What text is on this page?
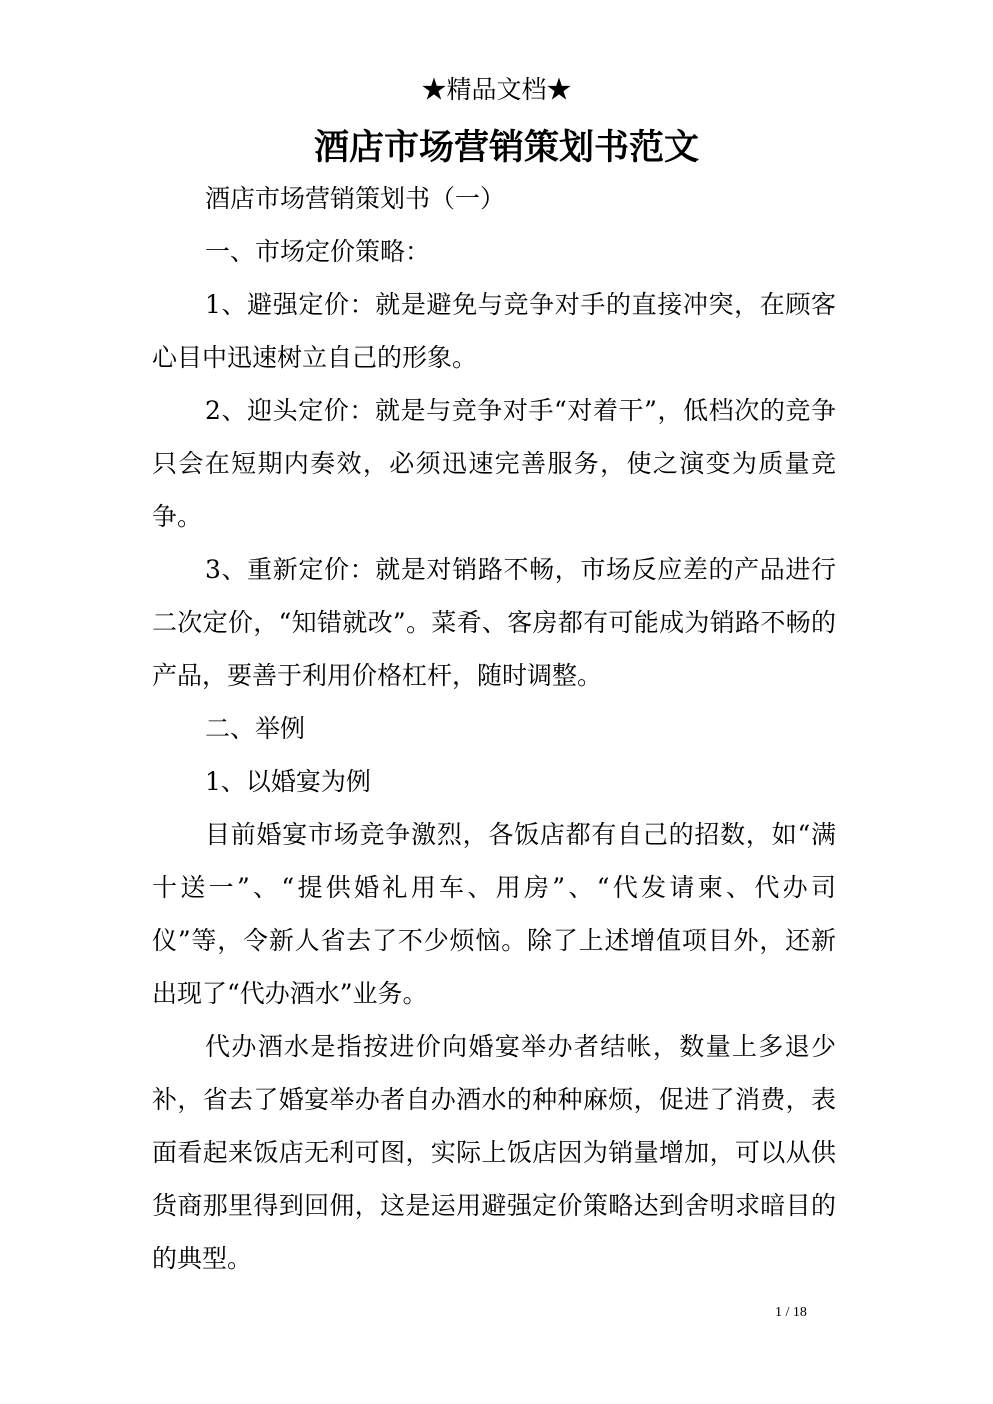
★精品文档★
酒店市场营销策划书范文

酒店市场营销策划书（一）

一、市场定价策略：

1、避强定价：就是避免与竞争对手的直接冲突，在顾客心目中迅速树立自己的形象。

2、迎头定价：就是与竞争对手“对着干”，低档次的竞争只会在短期内奏效，必须迅速完善服务，使之演变为质量竞争。

3、重新定价：就是对销路不畅，市场反应差的产品进行二次定价，“知错就改”。菜肴、客房都有可能成为销路不畅的产品，要善于利用价格杠杆，随时调整。

二、举例

1、以婚宴为例

目前婚宴市场竞争激烈，各饭店都有自己的招数，如“满十送一”、“提供婚礼用车、用房”、“代发请柬、代办司仪”等，令新人省去了不少烦恼。除了上述增值项目外，还新出现了“代办酒水”业务。

代办酒水是指按进价向婚宴举办者结帐，数量上多退少补，省去了婚宴举办者自办酒水的种种麻烦，促进了消费，表面看起来饭店无利可图，实际上饭店因为销量增加，可以从供货商那里得到回佣，这是运用避强定价策略达到舍明求暗目的的典型。

1 / 18
